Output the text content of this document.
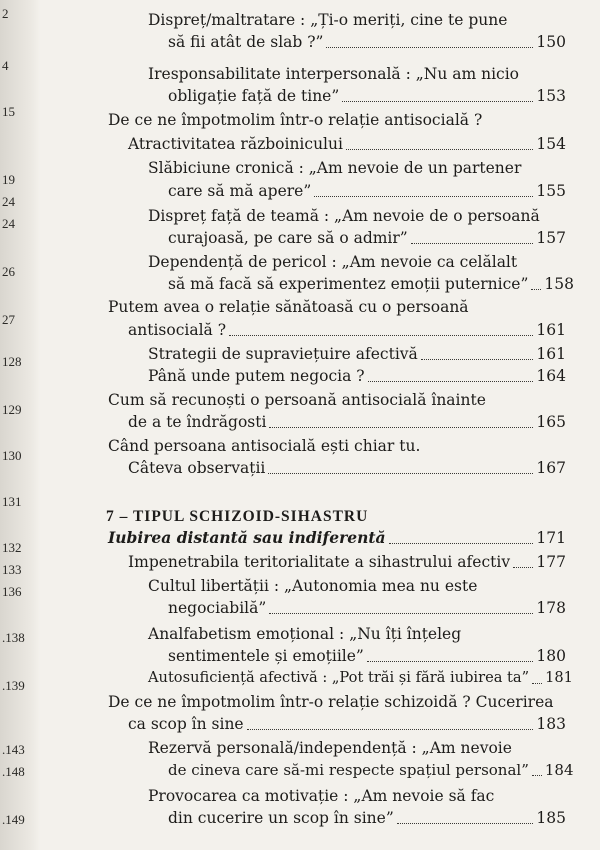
2
4
15
19
24
24
26
27
128
129
130
131
132
133
136
.138
.139
.143
.148
.149
Dispreț/maltratare : „Ți-o meriți, cine te pune
să fii atât de slab ?”	150
Iresponsabilitate interpersonală : „Nu am nicio
obligație față de tine”	153
De ce ne împotmolim într-o relație antisocială ?
Atractivitatea războinicului	154
Slăbiciune cronică : „Am nevoie de un partener
care să mă apere”	155
Dispreț față de teamă : „Am nevoie de o persoană
curajoasă, pe care să o admir”	157
Dependență de pericol : „Am nevoie ca celălalt
să mă facă să experimentez emoții puternice” 158
Putem avea o relație sănătoasă cu o persoană
antisocială ?	161
Strategii de supraviețuire afectivă	161
Până unde putem negocia ?	164
Cum să recunoști o persoană antisocială înainte
de a te îndrăgosti	165
Când persoana antisocială ești chiar tu.
Câteva observații	167
7 – TIPUL SCHIZOID-SIHASTRU
Iubirea distantă sau indiferentă	171
Impenetrabila teritorialitate a sihastrului afectiv 177
Cultul libertății : „Autonomia mea nu este
negociabilă”	178
Analfabetism emoțional : „Nu îți înțeleg
sentimentele și emoțiile”	180
Autosuficiență afectivă : „Pot trăi și fără iubirea ta” 181
De ce ne împotmolim într-o relație schizoidă ? Cucerirea
ca scop în sine	183
Rezervă personală/independență : „Am nevoie
de cineva care să-mi respecte spațiul personal” 184
Provocarea ca motivație : „Am nevoie să fac
din cucerire un scop în sine”	185
